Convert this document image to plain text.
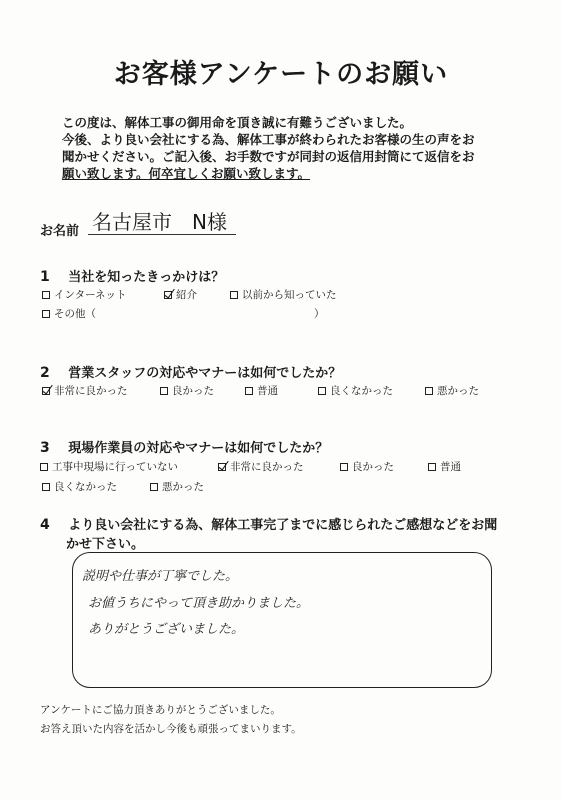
お客様アンケートのお願い
この度は、解体工事の御用命を頂き誠に有難うございました。
今後、より良い会社にする為、解体工事が終わられたお客様の生の声をお
聞かせください。ご記入後、お手数ですが同封の返信用封筒にて返信をお
願い致します。何卒宜しくお願い致します。
お名前 名古屋市　N様
1 当社を知ったきっかけは？
インターネット	紹介	以前から知っていた
その他（	）
2 営業スタッフの対応やマナーは如何でしたか？
非常に良かった	良かった	普通	良くなかった	悪かった
3 現場作業員の対応やマナーは如何でしたか？
工事中現場に行っていない	非常に良かった	良かった	普通
良くなかった	悪かった
4 より良い会社にする為、解体工事完了までに感じられたご感想などをお聞
かせ下さい。
説明や仕事が丁寧でした。
お値うちにやって頂き助かりました。
ありがとうございました。
アンケートにご協力頂きありがとうございました。
お答え頂いた内容を活かし今後も頑張ってまいります。
